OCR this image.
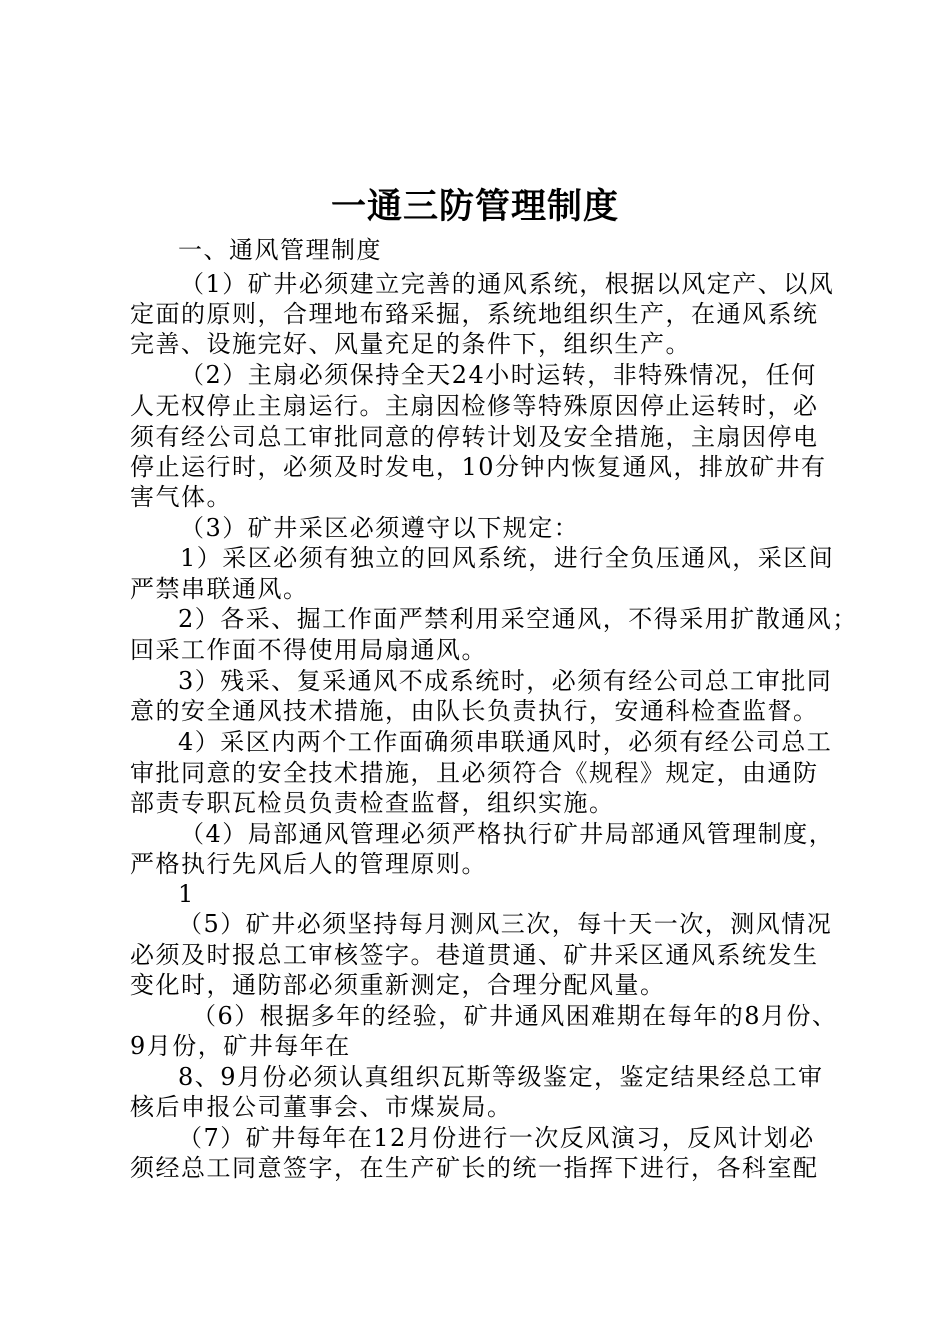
一通三防管理制度
一、通风管理制度
（1）矿井必须建立完善的通风系统，根据以风定产、以风
定面的原则，合理地布臵采掘，系统地组织生产，在通风系统
完善、设施完好、风量充足的条件下，组织生产。
（2）主扇必须保持全天24小时运转，非特殊情况，任何
人无权停止主扇运行。主扇因检修等特殊原因停止运转时，必
须有经公司总工审批同意的停转计划及安全措施，主扇因停电
停止运行时，必须及时发电，10分钟内恢复通风，排放矿井有
害气体。
（3）矿井采区必须遵守以下规定：
1）采区必须有独立的回风系统，进行全负压通风，采区间
严禁串联通风。
2）各采、掘工作面严禁利用采空通风，不得采用扩散通风；
回采工作面不得使用局扇通风。
3）残采、复采通风不成系统时，必须有经公司总工审批同
意的安全通风技术措施，由队长负责执行，安通科检查监督。
4）采区内两个工作面确须串联通风时，必须有经公司总工
审批同意的安全技术措施，且必须符合《规程》规定，由通防
部责专职瓦检员负责检查监督，组织实施。
（4）局部通风管理必须严格执行矿井局部通风管理制度，
严格执行先风后人的管理原则。
1
（5）矿井必须坚持每月测风三次，每十天一次，测风情况
必须及时报总工审核签字。巷道贯通、矿井采区通风系统发生
变化时，通防部必须重新测定，合理分配风量。
（6）根据多年的经验，矿井通风困难期在每年的8月份、
9月份，矿井每年在
8、9月份必须认真组织瓦斯等级鉴定，鉴定结果经总工审
核后申报公司董事会、市煤炭局。
（7）矿井每年在12月份进行一次反风演习，反风计划必
须经总工同意签字，在生产矿长的统一指挥下进行，各科室配
